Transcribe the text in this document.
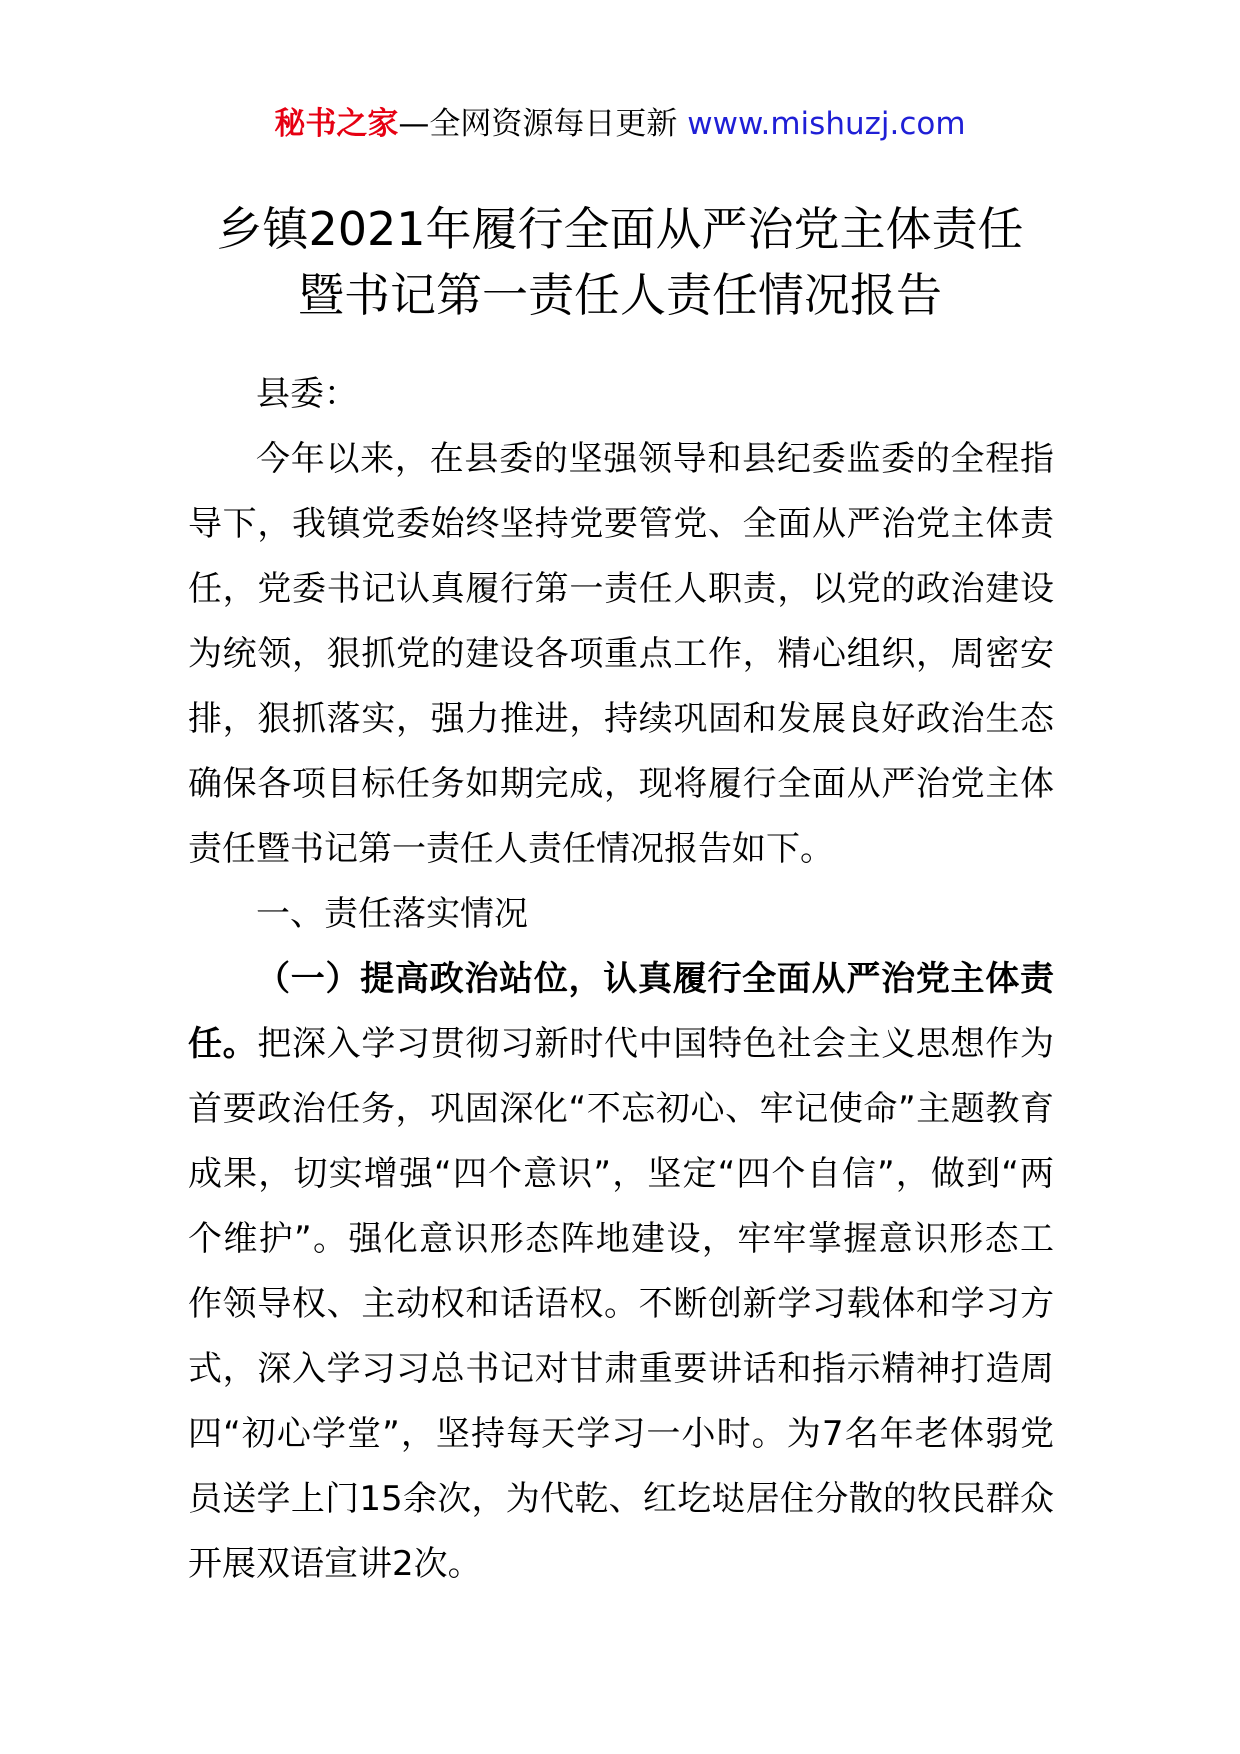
秘书之家—全网资源每日更新 www.mishuzj.com
乡镇2021年履行全面从严治党主体责任
暨书记第一责任人责任情况报告

县委：

今年以来，在县委的坚强领导和县纪委监委的全程指导下，我镇党委始终坚持党要管党、全面从严治党主体责任，党委书记认真履行第一责任人职责，以党的政治建设为统领，狠抓党的建设各项重点工作，精心组织，周密安排，狠抓落实，强力推进，持续巩固和发展良好政治生态确保各项目标任务如期完成，现将履行全面从严治党主体责任暨书记第一责任人责任情况报告如下。

一、责任落实情况

（一）提高政治站位，认真履行全面从严治党主体责任。把深入学习贯彻习新时代中国特色社会主义思想作为首要政治任务，巩固深化“不忘初心、牢记使命”主题教育成果，切实增强“四个意识”，坚定“四个自信”，做到“两个维护”。强化意识形态阵地建设，牢牢掌握意识形态工作领导权、主动权和话语权。不断创新学习载体和学习方式，深入学习习总书记对甘肃重要讲话和指示精神打造周四“初心学堂”，坚持每天学习一小时。为7名年老体弱党员送学上门15余次，为代乾、红圪垯居住分散的牧民群众开展双语宣讲2次。
